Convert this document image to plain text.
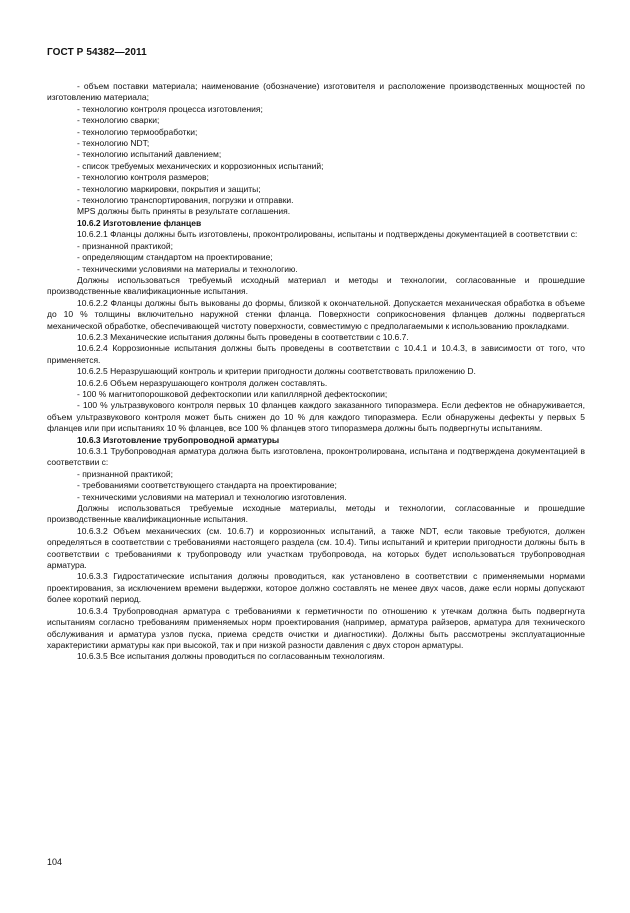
ГОСТ Р 54382—2011

- объем поставки материала; наименование (обозначение) изготовителя и расположение производственных мощностей по изготовлению материала;

- технологию контроля процесса изготовления;

- технологию сварки;

- технологию термообработки;

- технологию NDT;

- технологию испытаний давлением;

- список требуемых механических и коррозионных испытаний;

- технологию контроля размеров;

- технологию маркировки, покрытия и защиты;

- технологию транспортирования, погрузки и отправки.

MPS должны быть приняты в результате соглашения.

10.6.2 Изготовление фланцев

10.6.2.1 Фланцы должны быть изготовлены, проконтролированы, испытаны и подтверждены документацией в соответствии с:

- признанной практикой;

- определяющим стандартом на проектирование;

- техническими условиями на материалы и технологию.

Должны использоваться требуемый исходный материал и методы и технологии, согласованные и прошедшие производственные квалификационные испытания.

10.6.2.2 Фланцы должны быть выкованы до формы, близкой к окончательной. Допускается механическая обработка в объеме до 10 % толщины включительно наружной стенки фланца. Поверхности соприкосновения фланцев должны подвергаться механической обработке, обеспечивающей чистоту поверхности, совместимую с предполагаемыми к использованию прокладками.

10.6.2.3 Механические испытания должны быть проведены в соответствии с 10.6.7.

10.6.2.4 Коррозионные испытания должны быть проведены в соответствии с 10.4.1 и 10.4.3, в зависимости от того, что применяется.

10.6.2.5 Неразрушающий контроль и критерии пригодности должны соответствовать приложению D.

10.6.2.6 Объем неразрушающего контроля должен составлять.

- 100 % магнитопорошковой дефектоскопии или капиллярной дефектоскопии;

- 100 % ультразвукового контроля первых 10 фланцев каждого заказанного типоразмера. Если дефектов не обнаруживается, объем ультразвукового контроля может быть снижен до 10 % для каждого типоразмера. Если обнаружены дефекты у первых 5 фланцев или при испытаниях 10 % фланцев, все 100 % фланцев этого типоразмера должны быть подвергнуты испытаниям.

10.6.3 Изготовление трубопроводной арматуры

10.6.3.1 Трубопроводная арматура должна быть изготовлена, проконтролирована, испытана и подтверждена документацией в соответствии с:

- признанной практикой;

- требованиями соответствующего стандарта на проектирование;

- техническими условиями на материал и технологию изготовления.

Должны использоваться требуемые исходные материалы, методы и технологии, согласованные и прошедшие производственные квалификационные испытания.

10.6.3.2 Объем механических (см. 10.6.7) и коррозионных испытаний, а также NDT, если таковые требуются, должен определяться в соответствии с требованиями настоящего раздела (см. 10.4). Типы испытаний и критерии пригодности должны быть в соответствии с требованиями к трубопроводу или участкам трубопровода, на которых будет использоваться трубопроводная арматура.

10.6.3.3 Гидростатические испытания должны проводиться, как установлено в соответствии с применяемыми нормами проектирования, за исключением времени выдержки, которое должно составлять не менее двух часов, даже если нормы допускают более короткий период.

10.6.3.4 Трубопроводная арматура с требованиями к герметичности по отношению к утечкам должна быть подвергнута испытаниям согласно требованиям применяемых норм проектирования (например, арматура райзеров, арматура для технического обслуживания и арматура узлов пуска, приема средств очистки и диагностики). Должны быть рассмотрены эксплуатационные характеристики арматуры как при высокой, так и при низкой разности давления с двух сторон арматуры.

10.6.3.5 Все испытания должны проводиться по согласованным технологиям.

104
